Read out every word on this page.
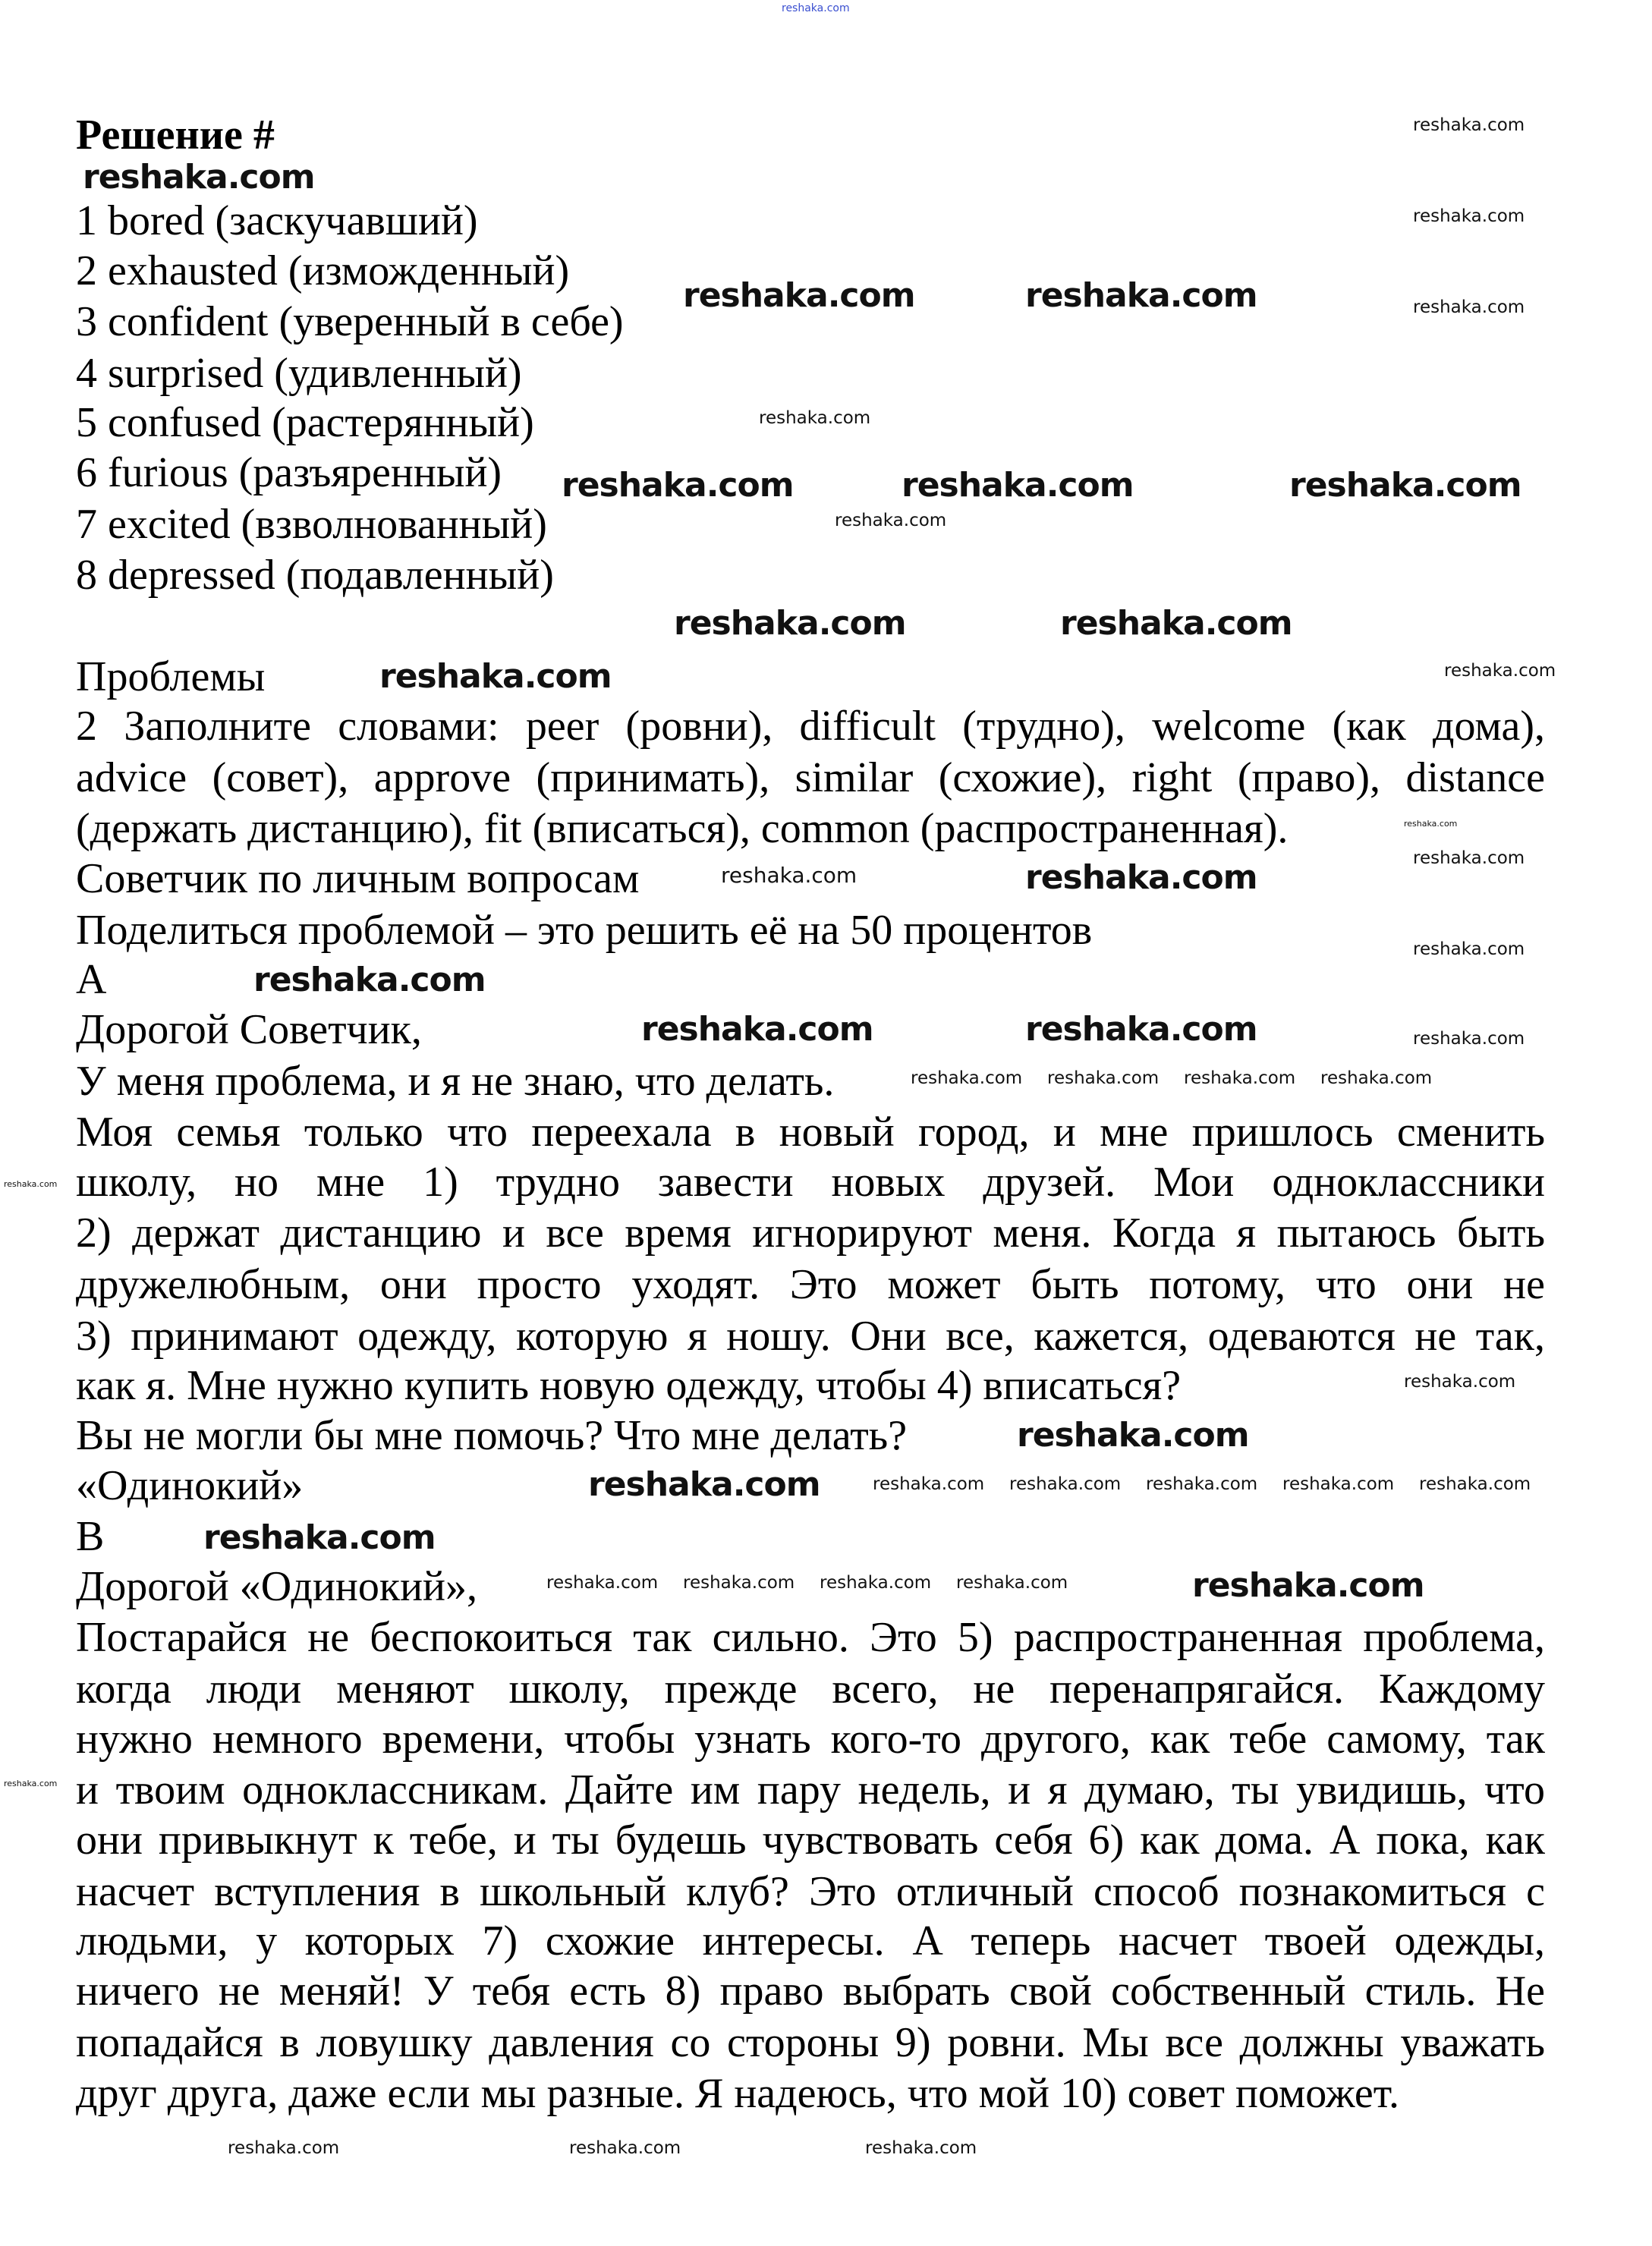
Решение #
1 bored (заскучавший)
2 exhausted (изможденный)
3 confident (уверенный в себе)
4 surprised (удивленный)
5 confused (растерянный)
6 furious (разъяренный)
7 excited (взволнованный)
8 depressed (подавленный)
Проблемы
2 Заполните словами: peer (ровни), difficult (трудно), welcome (как дома),
advice (совет), approve (принимать), similar (схожие), right (право), distance
(держать дистанцию), fit (вписаться), common (распространенная).
Советчик по личным вопросам
Поделиться проблемой – это решить её на 50 процентов
A
Дорогой Советчик,
У меня проблема, и я не знаю, что делать.
Моя семья только что переехала в новый город, и мне пришлось сменить
школу, но мне 1) трудно завести новых друзей. Мои одноклассники
2) держат дистанцию и все время игнорируют меня. Когда я пытаюсь быть
дружелюбным, они просто уходят. Это может быть потому, что они не
3) принимают одежду, которую я ношу. Они все, кажется, одеваются не так,
как я. Мне нужно купить новую одежду, чтобы 4) вписаться?
Вы не могли бы мне помочь? Что мне делать?
«Одинокий»
B
Дорогой «Одинокий»,
Постарайся не беспокоиться так сильно. Это 5) распространенная проблема,
когда люди меняют школу, прежде всего, не перенапрягайся. Каждому
нужно немного времени, чтобы узнать кого-то другого, как тебе самому, так
и твоим одноклассникам. Дайте им пару недель, и я думаю, ты увидишь, что
они привыкнут к тебе, и ты будешь чувствовать себя 6) как дома. А пока, как
насчет вступления в школьный клуб? Это отличный способ познакомиться с
людьми, у которых 7) схожие интересы. А теперь насчет твоей одежды,
ничего не меняй! У тебя есть 8) право выбрать свой собственный стиль. Не
попадайся в ловушку давления со стороны 9) ровни. Мы все должны уважать
друг друга, даже если мы разные. Я надеюсь, что мой 10) совет поможет.
reshaka.com
reshaka.com
reshaka.com
reshaka.com
reshaka.com
reshaka.com
reshaka.com
reshaka.com
reshaka.com	reshaka.com
reshaka.com	reshaka.com	reshaka.com
reshaka.com	reshaka.com
reshaka.com
reshaka.com
reshaka.com
reshaka.com	reshaka.com
reshaka.com
reshaka.com
reshaka.com
reshaka.com
reshaka.com
reshaka.com
reshaka.com
reshaka.com
reshaka.com
reshaka.com
reshaka.com reshaka.com reshaka.com reshaka.com
reshaka.com
reshaka.com reshaka.com
reshaka.com
reshaka.com reshaka.com reshaka.com
reshaka.com reshaka.com reshaka.com reshaka.com
reshaka.com	reshaka.com	reshaka.com
